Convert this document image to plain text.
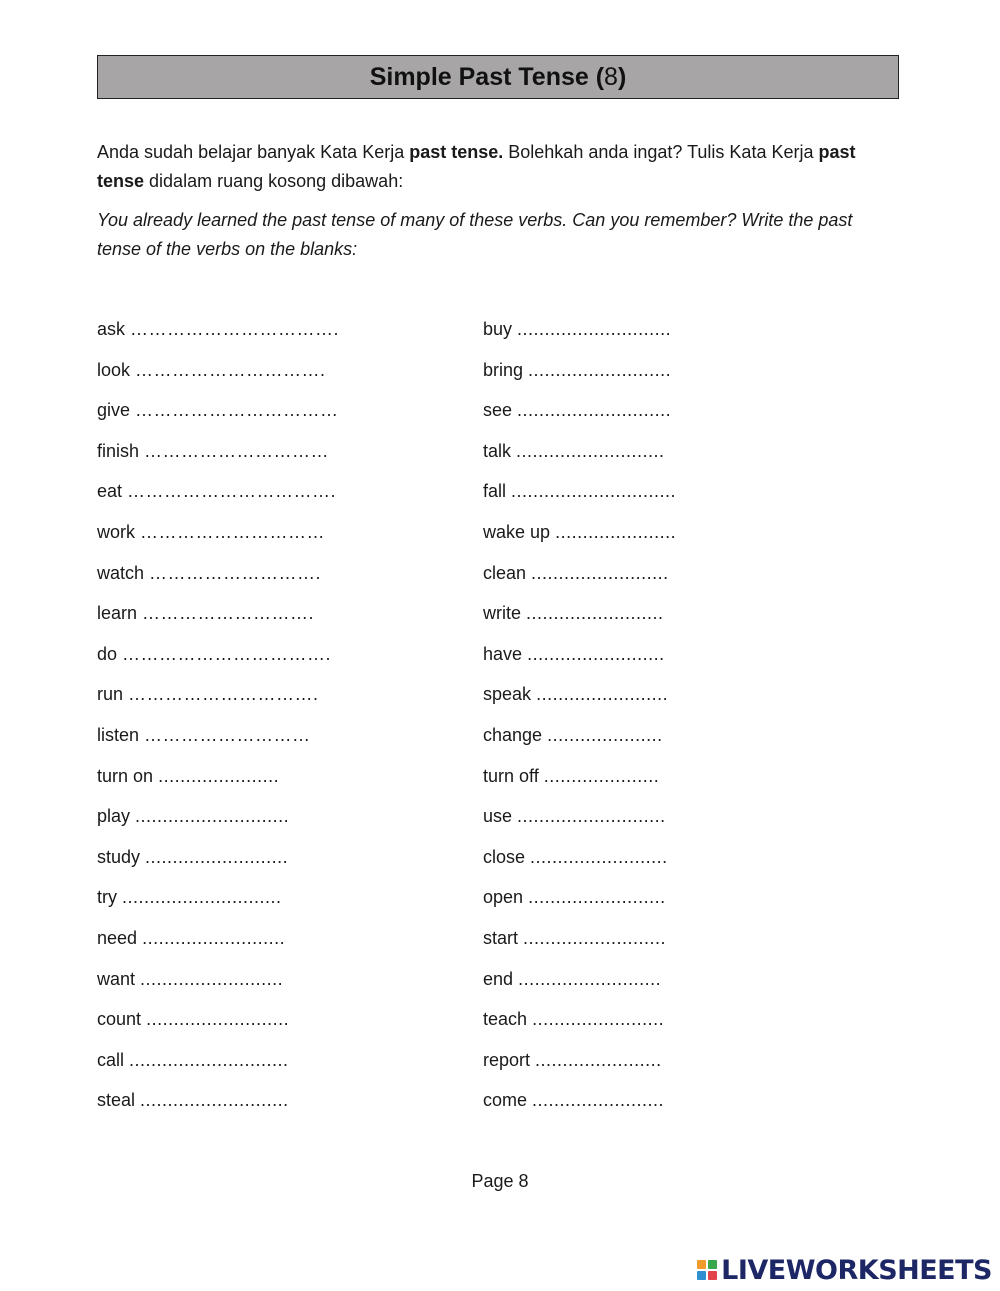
Simple Past Tense ( 8 )
Anda sudah belajar banyak Kata Kerja past tense. Bolehkah anda ingat? Tulis Kata Kerja past tense didalam ruang kosong dibawah:
You already learned the past tense of many of these verbs. Can you remember? Write the past tense of the verbs on the blanks:
ask …………………………….
look ………………………….
give ……………………………
finish …………………………
eat …………………………….
work …………………………
watch ……………………….
learn ……………………….
do …………………………….
run ………………………….
listen ………………………
turn on ......................
play ............................
study ..........................
try .............................
need ..........................
want ..........................
count ..........................
call .............................
steal ...........................
buy ............................
bring ..........................
see ............................
talk ...........................
fall ..............................
wake up ......................
clean .........................
write .........................
have .........................
speak ........................
change .....................
turn off .....................
use ...........................
close .........................
open .........................
start ..........................
end ..........................
teach ........................
report .......................
come ........................
Page 8
LIVEWORKSHEETS
